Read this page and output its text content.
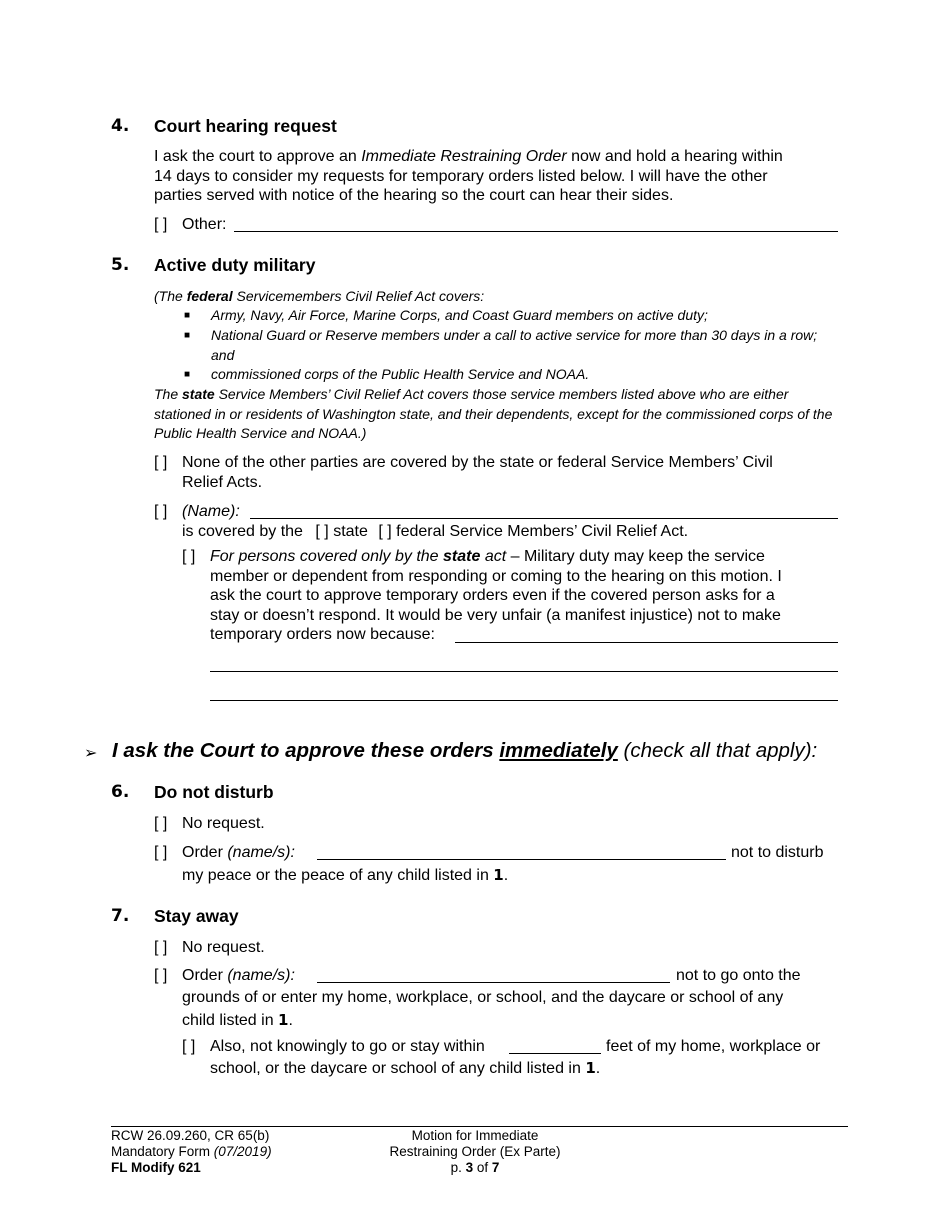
4. Court hearing request
I ask the court to approve an Immediate Restraining Order now and hold a hearing within
14 days to consider my requests for temporary orders listed below. I will have the other
parties served with notice of the hearing so the court can hear their sides.
[ ] Other:
5. Active duty military
(The federal Servicemembers Civil Relief Act covers:
■ Army, Navy, Air Force, Marine Corps, and Coast Guard members on active duty;
■ National Guard or Reserve members under a call to active service for more than 30 days in a row;
and
■ commissioned corps of the Public Health Service and NOAA.
The state Service Members’ Civil Relief Act covers those service members listed above who are either
stationed in or residents of Washington state, and their dependents, except for the commissioned corps of the
Public Health Service and NOAA.)
[ ] None of the other parties are covered by the state or federal Service Members’ Civil
Relief Acts.
[ ] (Name):
is covered by the [ ] state [ ] federal Service Members’ Civil Relief Act.
[ ] For persons covered only by the state act – Military duty may keep the service
member or dependent from responding or coming to the hearing on this motion. I
ask the court to approve temporary orders even if the covered person asks for a
stay or doesn’t respond. It would be very unfair (a manifest injustice) not to make
temporary orders now because:
➢ I ask the Court to approve these orders immediately (check all that apply):
6. Do not disturb
[ ] No request.
[ ] Order (name/s):	not to disturb
my peace or the peace of any child listed in 1.
7. Stay away
[ ] No request.
[ ] Order (name/s):	not to go onto the
grounds of or enter my home, workplace, or school, and the daycare or school of any
child listed in 1.
[ ] Also, not knowingly to go or stay within	feet of my home, workplace or
school, or the daycare or school of any child listed in 1.
RCW 26.09.260, CR 65(b)
Mandatory Form (07/2019)
FL Modify 621
Motion for Immediate
Restraining Order (Ex Parte)
p. 3 of 7
